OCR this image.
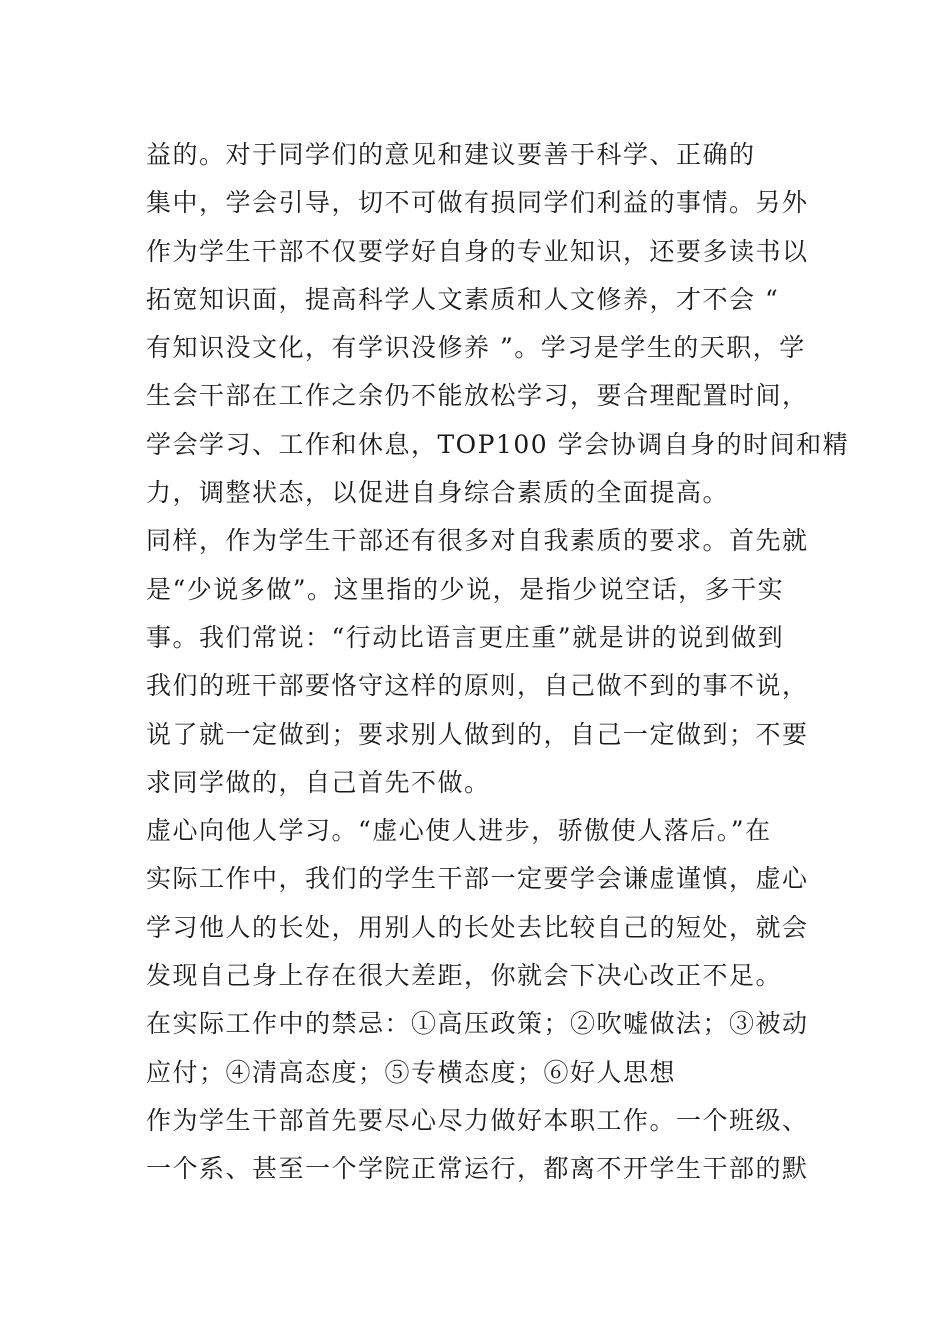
益的。对于同学们的意见和建议要善于科学、正确的
集中，学会引导，切不可做有损同学们利益的事情。另外
作为学生干部不仅要学好自身的专业知识，还要多读书以
拓宽知识面，提高科学人文素质和人文修养，才不会 “
有知识没文化，有学识没修养 ”。学习是学生的天职，学
生会干部在工作之余仍不能放松学习，要合理配置时间，
学会学习、工作和休息，TOP100 学会协调自身的时间和精
力，调整状态，以促进自身综合素质的全面提高。
同样，作为学生干部还有很多对自我素质的要求。首先就
是“少说多做”。这里指的少说，是指少说空话，多干实
事。我们常说：“行动比语言更庄重”就是讲的说到做到
我们的班干部要恪守这样的原则，自己做不到的事不说，
说了就一定做到；要求别人做到的，自己一定做到；不要
求同学做的，自己首先不做。
虚心向他人学习。“虚心使人进步，骄傲使人落后。”在
实际工作中，我们的学生干部一定要学会谦虚谨慎，虚心
学习他人的长处，用别人的长处去比较自己的短处，就会
发现自己身上存在很大差距，你就会下决心改正不足。
在实际工作中的禁忌：①高压政策；②吹嘘做法；③被动
应付；④清高态度；⑤专横态度；⑥好人思想
作为学生干部首先要尽心尽力做好本职工作。一个班级、
一个系、甚至一个学院正常运行，都离不开学生干部的默
